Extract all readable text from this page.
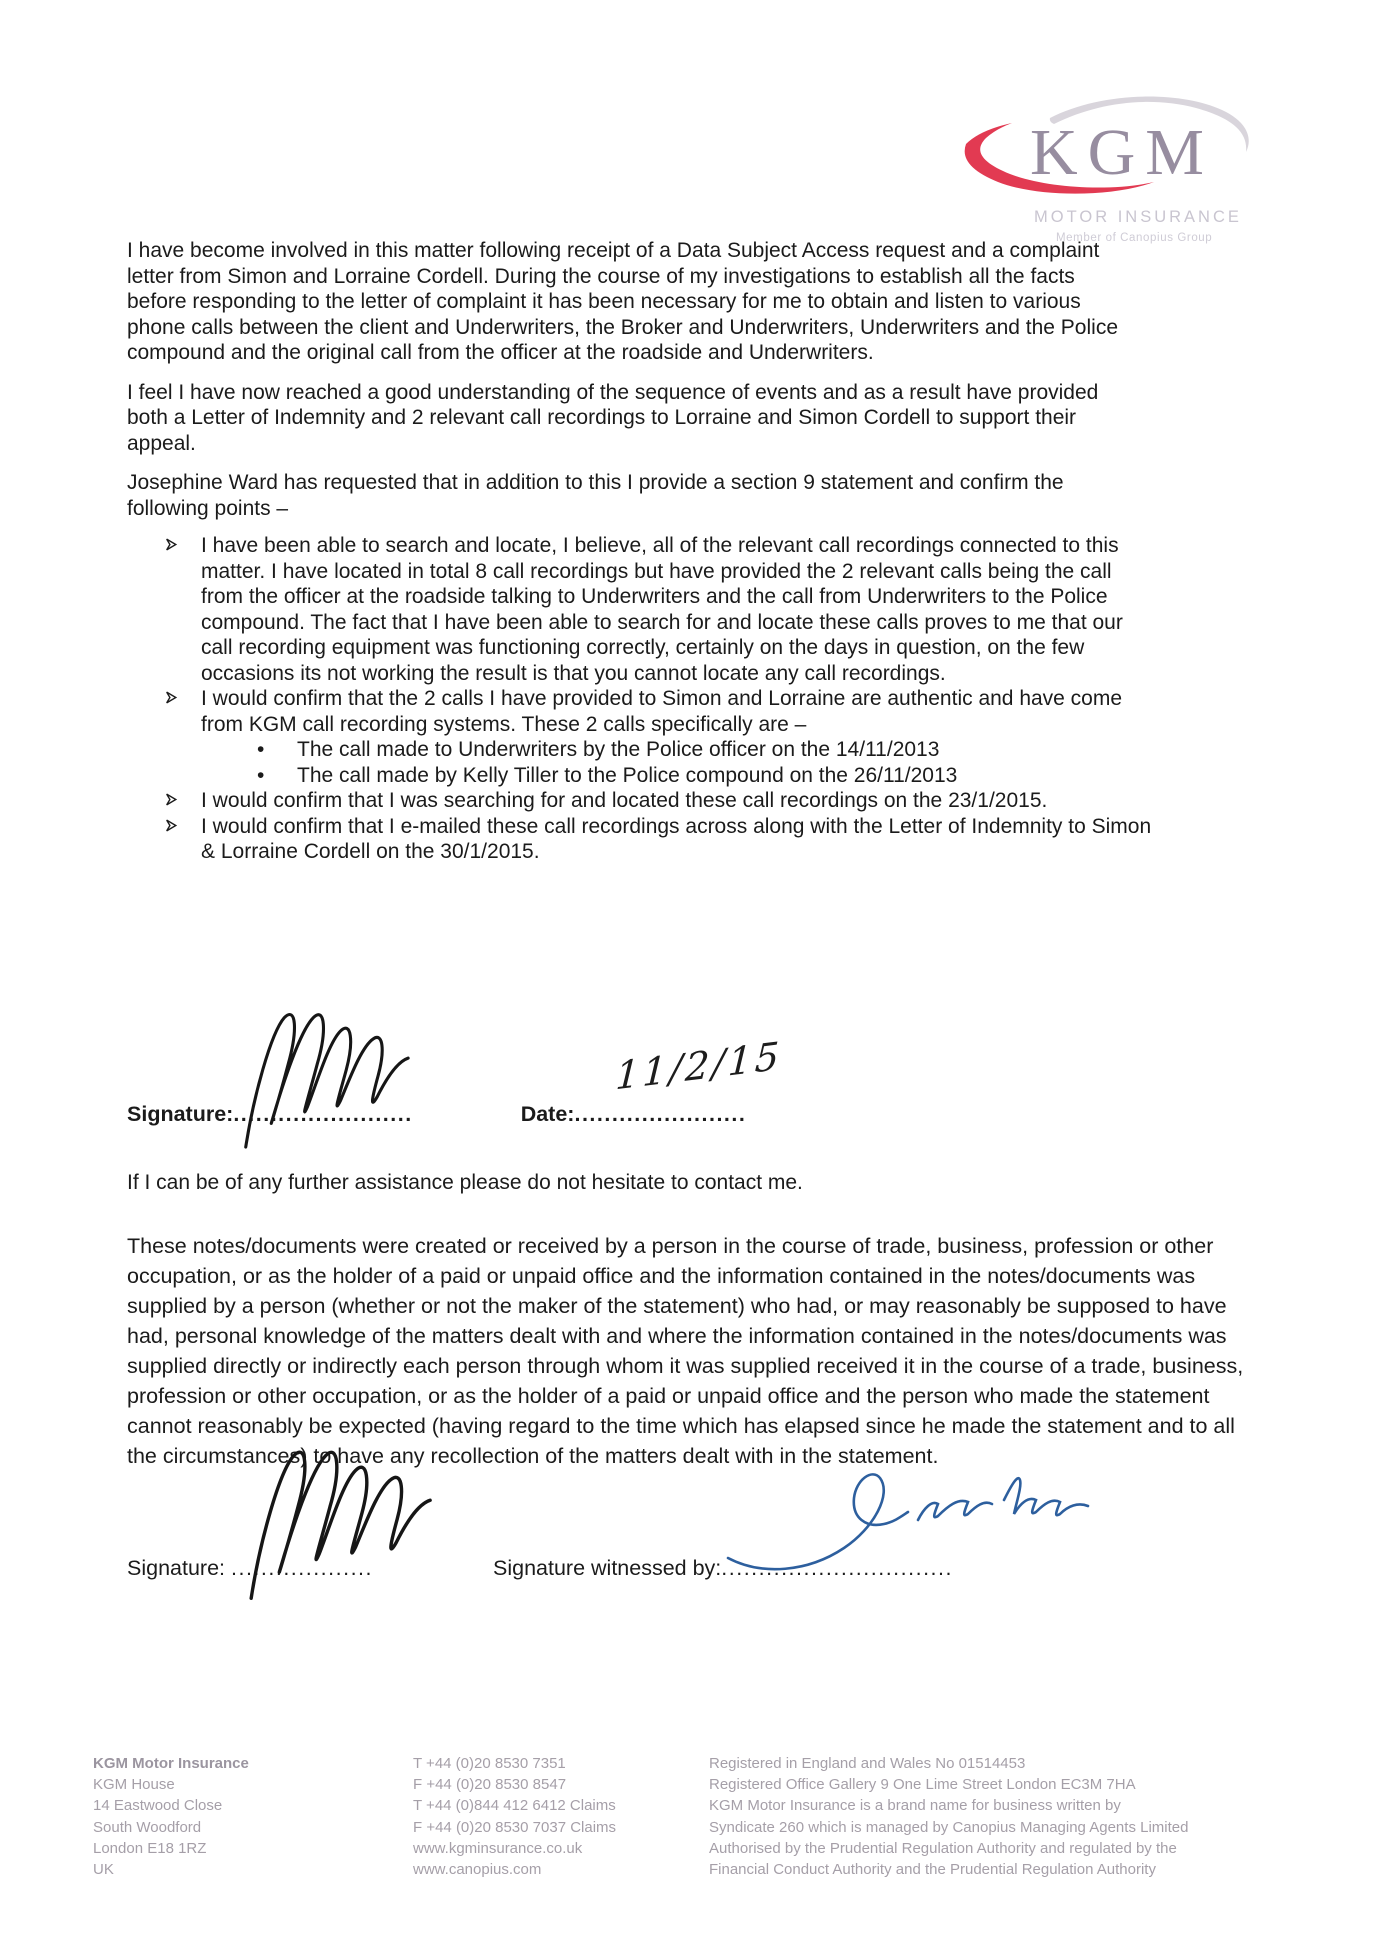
KGM
MOTOR INSURANCE
Member of Canopius Group

I have become involved in this matter following receipt of a Data Subject Access request and a complaint letter from Simon and Lorraine Cordell. During the course of my investigations to establish all the facts before responding to the letter of complaint it has been necessary for me to obtain and listen to various phone calls between the client and Underwriters, the Broker and Underwriters, Underwriters and the Police compound and the original call from the officer at the roadside and Underwriters.

I feel I have now reached a good understanding of the sequence of events and as a result have provided both a Letter of Indemnity and 2 relevant call recordings to Lorraine and Simon Cordell to support their appeal.

Josephine Ward has requested that in addition to this I provide a section 9 statement and confirm the following points –

I have been able to search and locate, I believe, all of the relevant call recordings connected to this matter. I have located in total 8 call recordings but have provided the 2 relevant calls being the call from the officer at the roadside talking to Underwriters and the call from Underwriters to the Police compound. The fact that I have been able to search for and locate these calls proves to me that our call recording equipment was functioning correctly, certainly on the days in question, on the few occasions its not working the result is that you cannot locate any call recordings.
I would confirm that the 2 calls I have provided to Simon and Lorraine are authentic and have come from KGM call recording systems. These 2 calls specifically are –
•	The call made to Underwriters by the Police officer on the 14/11/2013
•	The call made by Kelly Tiller to the Police compound on the 26/11/2013
I would confirm that I was searching for and located these call recordings on the 23/1/2015.
I would confirm that I e-mailed these call recordings across along with the Letter of Indemnity to Simon & Lorraine Cordell on the 30/1/2015.
11/2/15
Signature: ........................	Date: .......................

If I can be of any further assistance please do not hesitate to contact me.

These notes/documents were created or received by a person in the course of trade, business, profession or other occupation, or as the holder of a paid or unpaid office and the information contained in the notes/documents was supplied by a person (whether or not the maker of the statement) who had, or may reasonably be supposed to have had, personal knowledge of the matters dealt with and where the information contained in the notes/documents was supplied directly or indirectly each person through whom it was supplied received it in the course of a trade, business, profession or other occupation, or as the holder of a paid or unpaid office and the person who made the statement cannot reasonably be expected (having regard to the time which has elapsed since he made the statement and to all the circumstances) to have any recollection of the matters dealt with in the statement.

Signature:
...................	Signature witnessed by: ...............................
KGM Motor Insurance
KGM House
14 Eastwood Close
South Woodford
London E18 1RZ
UK
T +44 (0)20 8530 7351
F +44 (0)20 8530 8547
T +44 (0)844 412 6412 Claims
F +44 (0)20 8530 7037 Claims
www.kgminsurance.co.uk
www.canopius.com
Registered in England and Wales No 01514453
Registered Office Gallery 9 One Lime Street London EC3M 7HA
KGM Motor Insurance is a brand name for business written by
Syndicate 260 which is managed by Canopius Managing Agents Limited
Authorised by the Prudential Regulation Authority and regulated by the
Financial Conduct Authority and the Prudential Regulation Authority
